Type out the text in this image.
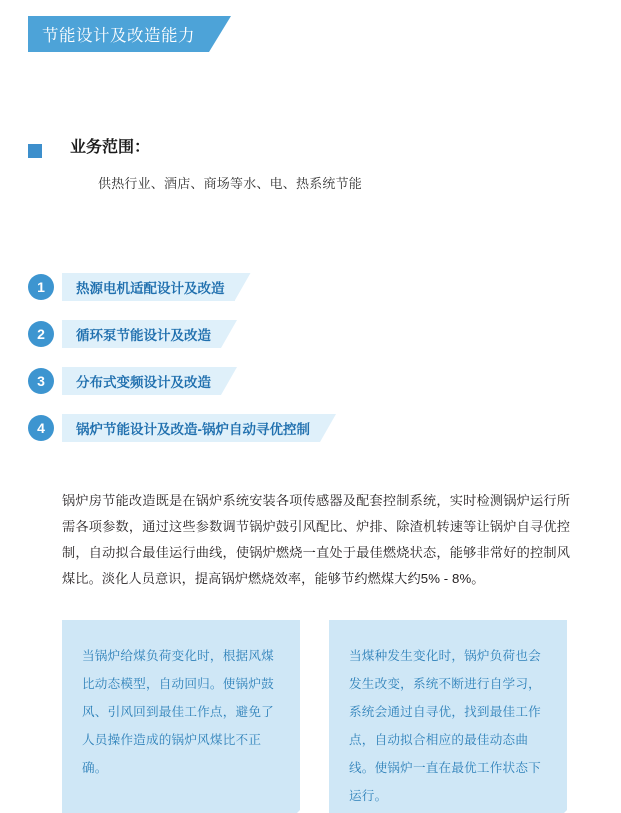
节能设计及改造能力
业务范围：
供热行业、酒店、商场等水、电、热系统节能
1	热源电机适配设计及改造
2	循环泵节能设计及改造
3	分布式变频设计及改造
4	锅炉节能设计及改造-锅炉自动寻优控制
锅炉房节能改造既是在锅炉系统安装各项传感器及配套控制系统，实时检测锅炉运行所需各项参数，通过这些参数调节锅炉鼓引风配比、炉排、除渣机转速等让锅炉自寻优控制，自动拟合最佳运行曲线，使锅炉燃烧一直处于最佳燃烧状态，能够非常好的控制风煤比。淡化人员意识，提高锅炉燃烧效率，能够节约燃煤大约5% - 8%。
当锅炉给煤负荷变化时，根据风煤比动态模型，自动回归。使锅炉鼓风、引风回到最佳工作点，避免了人员操作造成的锅炉风煤比不正确。
当煤种发生变化时，锅炉负荷也会发生改变，系统不断进行自学习，系统会通过自寻优，找到最佳工作点，自动拟合相应的最佳动态曲线。使锅炉一直在最优工作状态下运行。
